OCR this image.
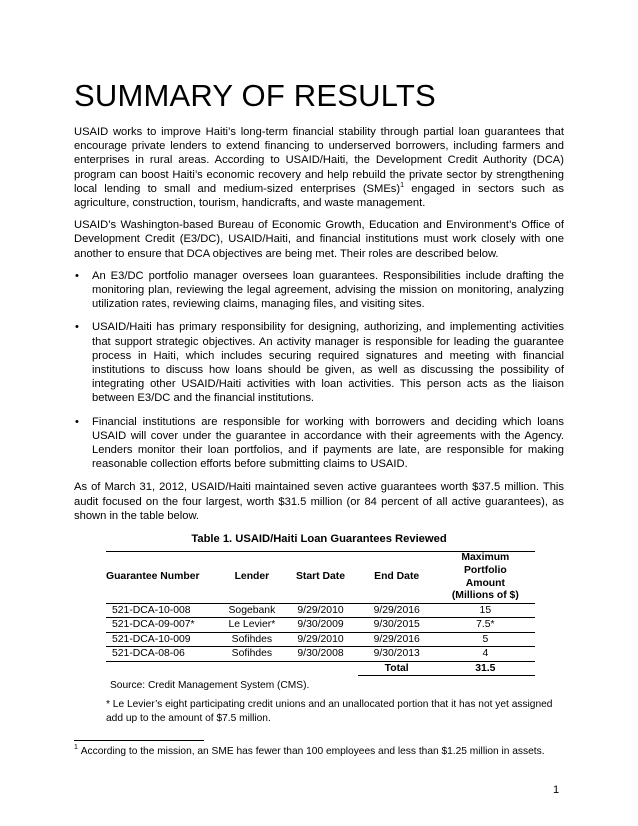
SUMMARY OF RESULTS

USAID works to improve Haiti’s long-term financial stability through partial loan guarantees that encourage private lenders to extend financing to underserved borrowers, including farmers and enterprises in rural areas. According to USAID/Haiti, the Development Credit Authority (DCA) program can boost Haiti’s economic recovery and help rebuild the private sector by strengthening local lending to small and medium-sized enterprises (SMEs)$^1$ engaged in sectors such as agriculture, construction, tourism, handicrafts, and waste management.

USAID’s Washington-based Bureau of Economic Growth, Education and Environment’s Office of Development Credit (E3/DC), USAID/Haiti, and financial institutions must work closely with one another to ensure that DCA objectives are being met. Their roles are described below.

• An E3/DC portfolio manager oversees loan guarantees. Responsibilities include drafting the monitoring plan, reviewing the legal agreement, advising the mission on monitoring, analyzing utilization rates, reviewing claims, managing files, and visiting sites.
• USAID/Haiti has primary responsibility for designing, authorizing, and implementing activities that support strategic objectives. An activity manager is responsible for leading the guarantee process in Haiti, which includes securing required signatures and meeting with financial institutions to discuss how loans should be given, as well as discussing the possibility of integrating other USAID/Haiti activities with loan activities. This person acts as the liaison between E3/DC and the financial institutions.
• Financial institutions are responsible for working with borrowers and deciding which loans USAID will cover under the guarantee in accordance with their agreements with the Agency. Lenders monitor their loan portfolios, and if payments are late, are responsible for making reasonable collection efforts before submitting claims to USAID.

As of March 31, 2012, USAID/Haiti maintained seven active guarantees worth $37.5 million. This audit focused on the four largest, worth $31.5 million (or 84 percent of all active guarantees), as shown in the table below.

Table 1. USAID/Haiti Loan Guarantees Reviewed
Guarantee Number	Lender	Start Date	End Date	Maximum Portfolio Amount (Millions of $)
521-DCA-10-008	Sogebank	9/29/2010	9/29/2016	15
521-DCA-09-007*	Le Levier*	9/30/2009	9/30/2015	7.5*
521-DCA-10-009	Sofihdes	9/29/2010	9/29/2016	5
521-DCA-08-06	Sofihdes	9/30/2008	9/30/2013	4
			Total	31.5
Source: Credit Management System (CMS).
* Le Levier’s eight participating credit unions and an unallocated portion that it has not yet assigned add up to the amount of $7.5 million.
$^1$ According to the mission, an SME has fewer than 100 employees and less than $1.25 million in assets.
1
